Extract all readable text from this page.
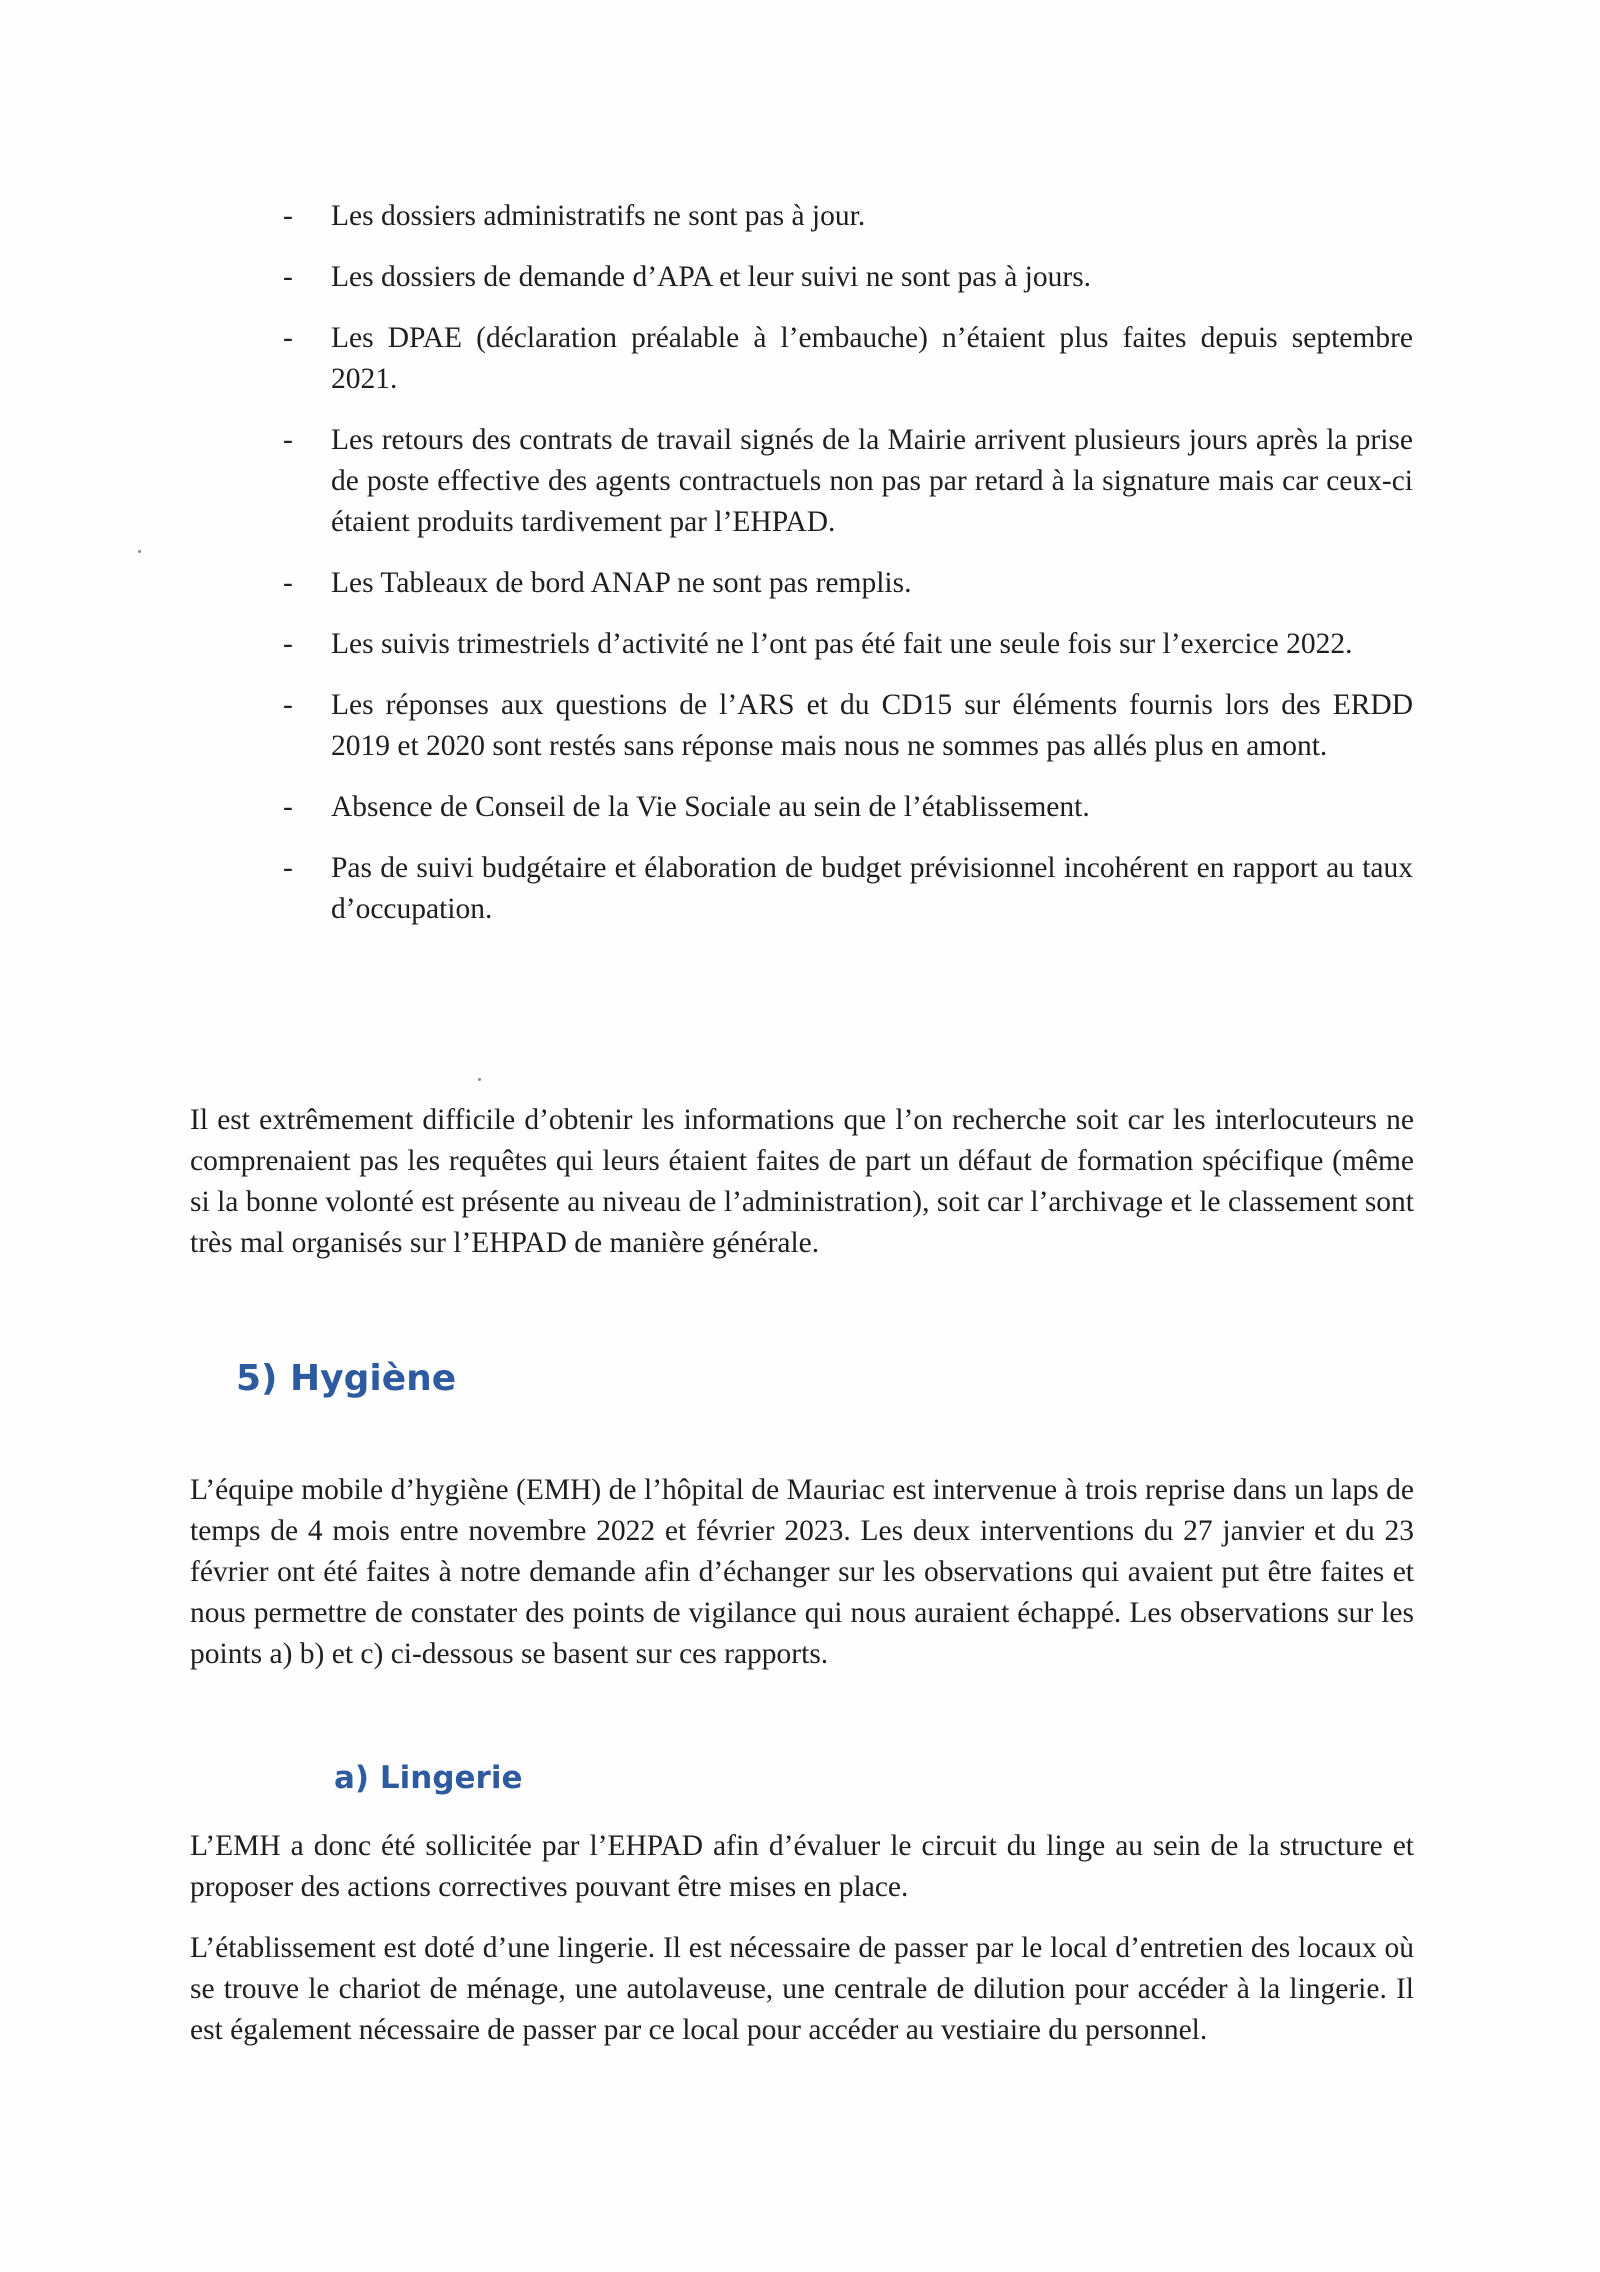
- Les dossiers administratifs ne sont pas à jour.
- Les dossiers de demande d’APA et leur suivi ne sont pas à jours.
- Les DPAE (déclaration préalable à l’embauche) n’étaient plus faites depuis septembre 2021.
- Les retours des contrats de travail signés de la Mairie arrivent plusieurs jours après la prise de poste effective des agents contractuels non pas par retard à la signature mais car ceux-ci étaient produits tardivement par l’EHPAD.
- Les Tableaux de bord ANAP ne sont pas remplis.
- Les suivis trimestriels d’activité ne l’ont pas été fait une seule fois sur l’exercice 2022.
- Les réponses aux questions de l’ARS et du CD15 sur éléments fournis lors des ERDD 2019 et 2020 sont restés sans réponse mais nous ne sommes pas allés plus en amont.
- Absence de Conseil de la Vie Sociale au sein de l’établissement.
- Pas de suivi budgétaire et élaboration de budget prévisionnel incohérent en rapport au taux d’occupation.

Il est extrêmement difficile d’obtenir les informations que l’on recherche soit car les interlocuteurs ne comprenaient pas les requêtes qui leurs étaient faites de part un défaut de formation spécifique (même si la bonne volonté est présente au niveau de l’administration), soit car l’archivage et le classement sont très mal organisés sur l’EHPAD de manière générale.

5) Hygiène

L’équipe mobile d’hygiène (EMH) de l’hôpital de Mauriac est intervenue à trois reprise dans un laps de temps de 4 mois entre novembre 2022 et février 2023. Les deux interventions du 27 janvier et du 23 février ont été faites à notre demande afin d’échanger sur les observations qui avaient put être faites et nous permettre de constater des points de vigilance qui nous auraient échappé. Les observations sur les points a) b) et c) ci-dessous se basent sur ces rapports.

a) Lingerie

L’EMH a donc été sollicitée par l’EHPAD afin d’évaluer le circuit du linge au sein de la structure et proposer des actions correctives pouvant être mises en place.

L’établissement est doté d’une lingerie. Il est nécessaire de passer par le local d’entretien des locaux où se trouve le chariot de ménage, une autolaveuse, une centrale de dilution pour accéder à la lingerie. Il est également nécessaire de passer par ce local pour accéder au vestiaire du personnel.
